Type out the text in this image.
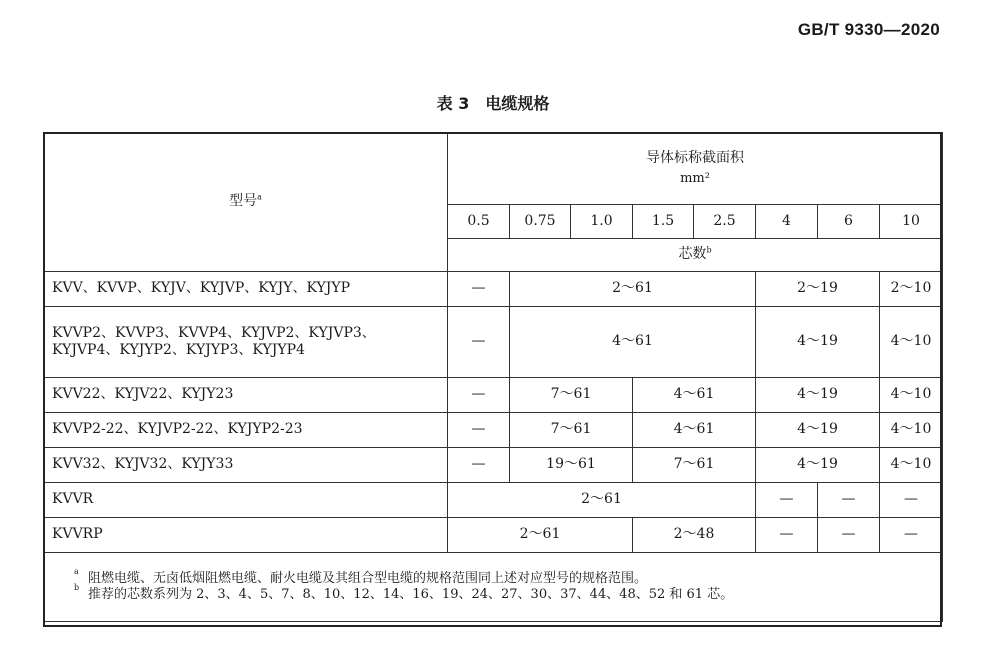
GB/T 9330—2020
表 3　电缆规格
型号$^a$	导体标称截面积
mm²							

	0.5	0.75	1.0	1.5	2.5	4	6	10
	芯数$^b$
KVV、KVVP、KYJV、KYJVP、KYJY、KYJYP	—	2～61				2～19		2～10

KVVP2、KVVP3、KVVP4、KYJVP2、KYJVP3、KYJVP4、KYJYP2、KYJYP3、KYJYP4	—	4～61				4～19		4～10
KVV22、KYJV22、KYJY23	—	7～61		4～61		4～19		4～10
KVVP2-22、KYJVP2-22、KYJYP2-23	—	7～61		4～61		4～19		4～10
KVV32、KYJV32、KYJY33	—	19～61		7～61		4～19		4～10
KVVR	2～61					—	—	—
KVVRP	2～61			2～48		—	—	—

a 阻燃电缆、无卤低烟阻燃电缆、耐火电缆及其组合型电缆的规格范围同上述对应型号的规格范围。
b 推荐的芯数系列为 2、3、4、5、7、8、10、12、14、16、19、24、27、30、37、44、48、52 和 61 芯。								
